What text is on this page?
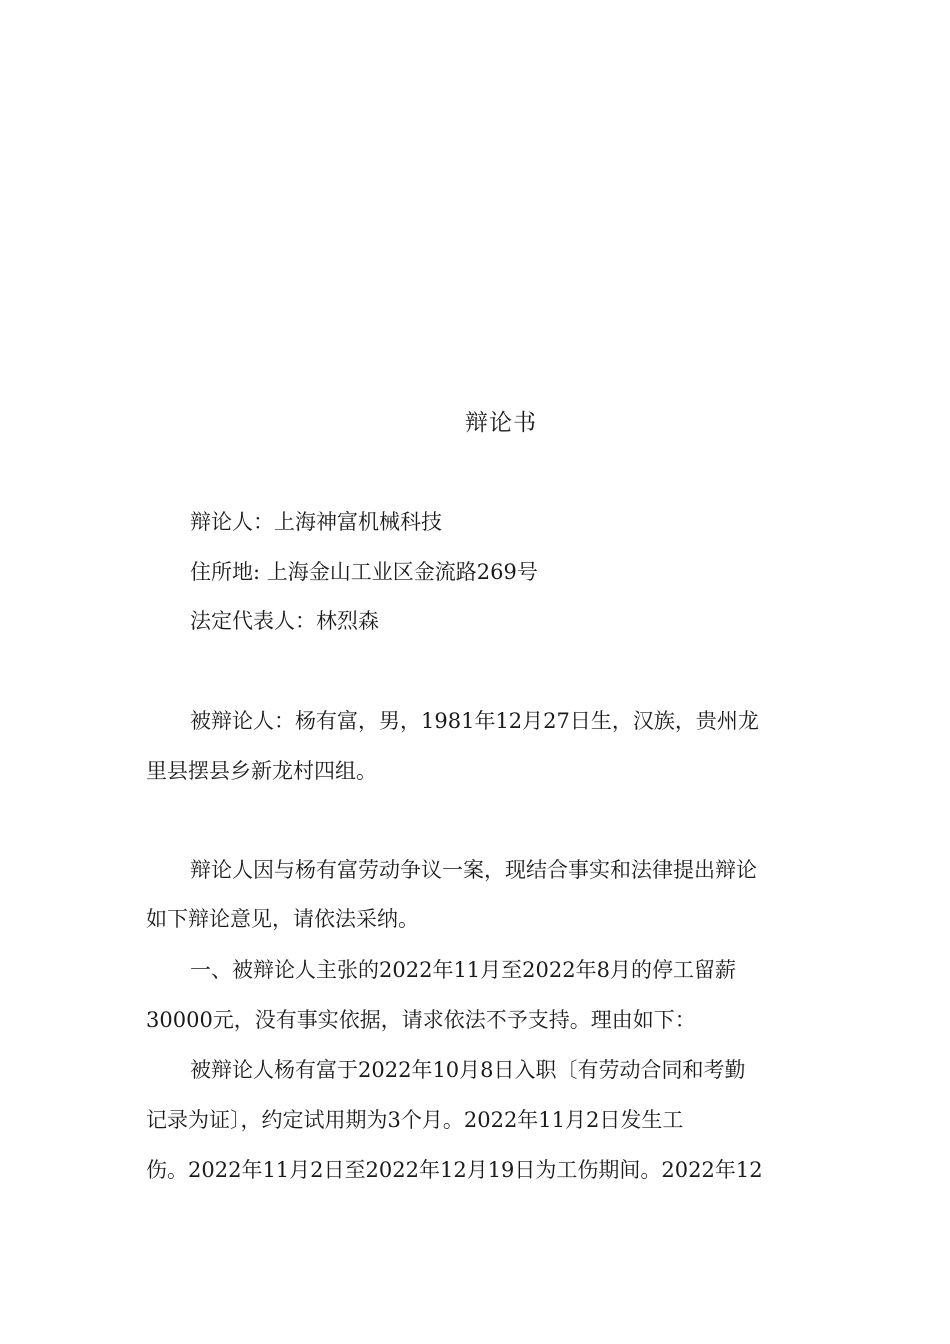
辩论书
辩论人：上海神富机械科技
住所地: 上海金山工业区金流路269号
法定代表人：林烈森
被辩论人：杨有富，男，1981年12月27日生，汉族，贵州龙
里县摆县乡新龙村四组。
辩论人因与杨有富劳动争议一案，现结合事实和法律提出辩论
如下辩论意见，请依法采纳。
一、被辩论人主张的2022年11月至2022年8月的停工留薪
30000元，没有事实依据，请求依法不予支持。理由如下：
被辩论人杨有富于2022年10月8日入职〔有劳动合同和考勤
记录为证〕，约定试用期为3个月。2022年11月2日发生工
伤。2022年11月2日至2022年12月19日为工伤期间。2022年12
